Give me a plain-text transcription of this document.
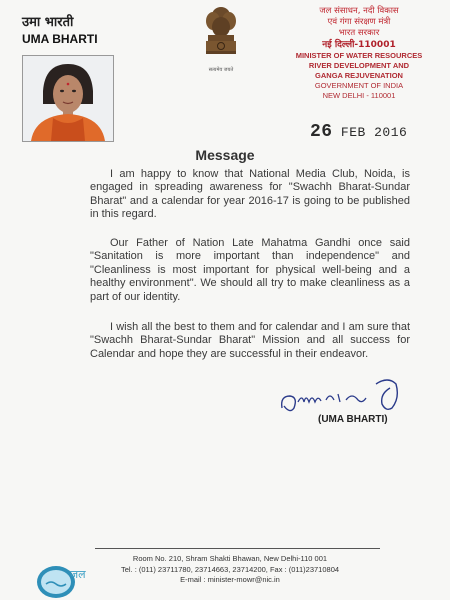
उमा भारती
UMA BHARTI
सत्यमेव जयते
जल संसाधन, नदी विकास
एवं गंगा संरक्षण मंत्री
भारत सरकार
नई दिल्ली-110001
MINISTER OF WATER RESOURCES
RIVER DEVELOPMENT AND
GANGA REJUVENATION
GOVERNMENT OF INDIA
NEW DELHI - 110001
26 FEB 2016
Message

I am happy to know that National Media Club, Noida, is engaged in spreading awareness for "Swachh Bharat-Sundar Bharat" and a calendar for year 2016-17 is going to be published in this regard.

Our Father of Nation Late Mahatma Gandhi once said "Sanitation is more important than independence" and "Cleanliness is most important for physical well-being and a healthy environment". We should all try to make cleanliness as a part of our identity.

I wish all the best to them and for calendar and I am sure that "Swachh Bharat-Sundar Bharat" Mission and all success for Calendar and hope they are successful in their endeavor.

(UMA BHARTI)
Room No. 210, Shram Shakti Bhawan, New Delhi-110 001
Tel. : (011) 23711780, 23714663, 23714200, Fax : (011)23710804
E-mail : minister-mowr@nic.in
जल
